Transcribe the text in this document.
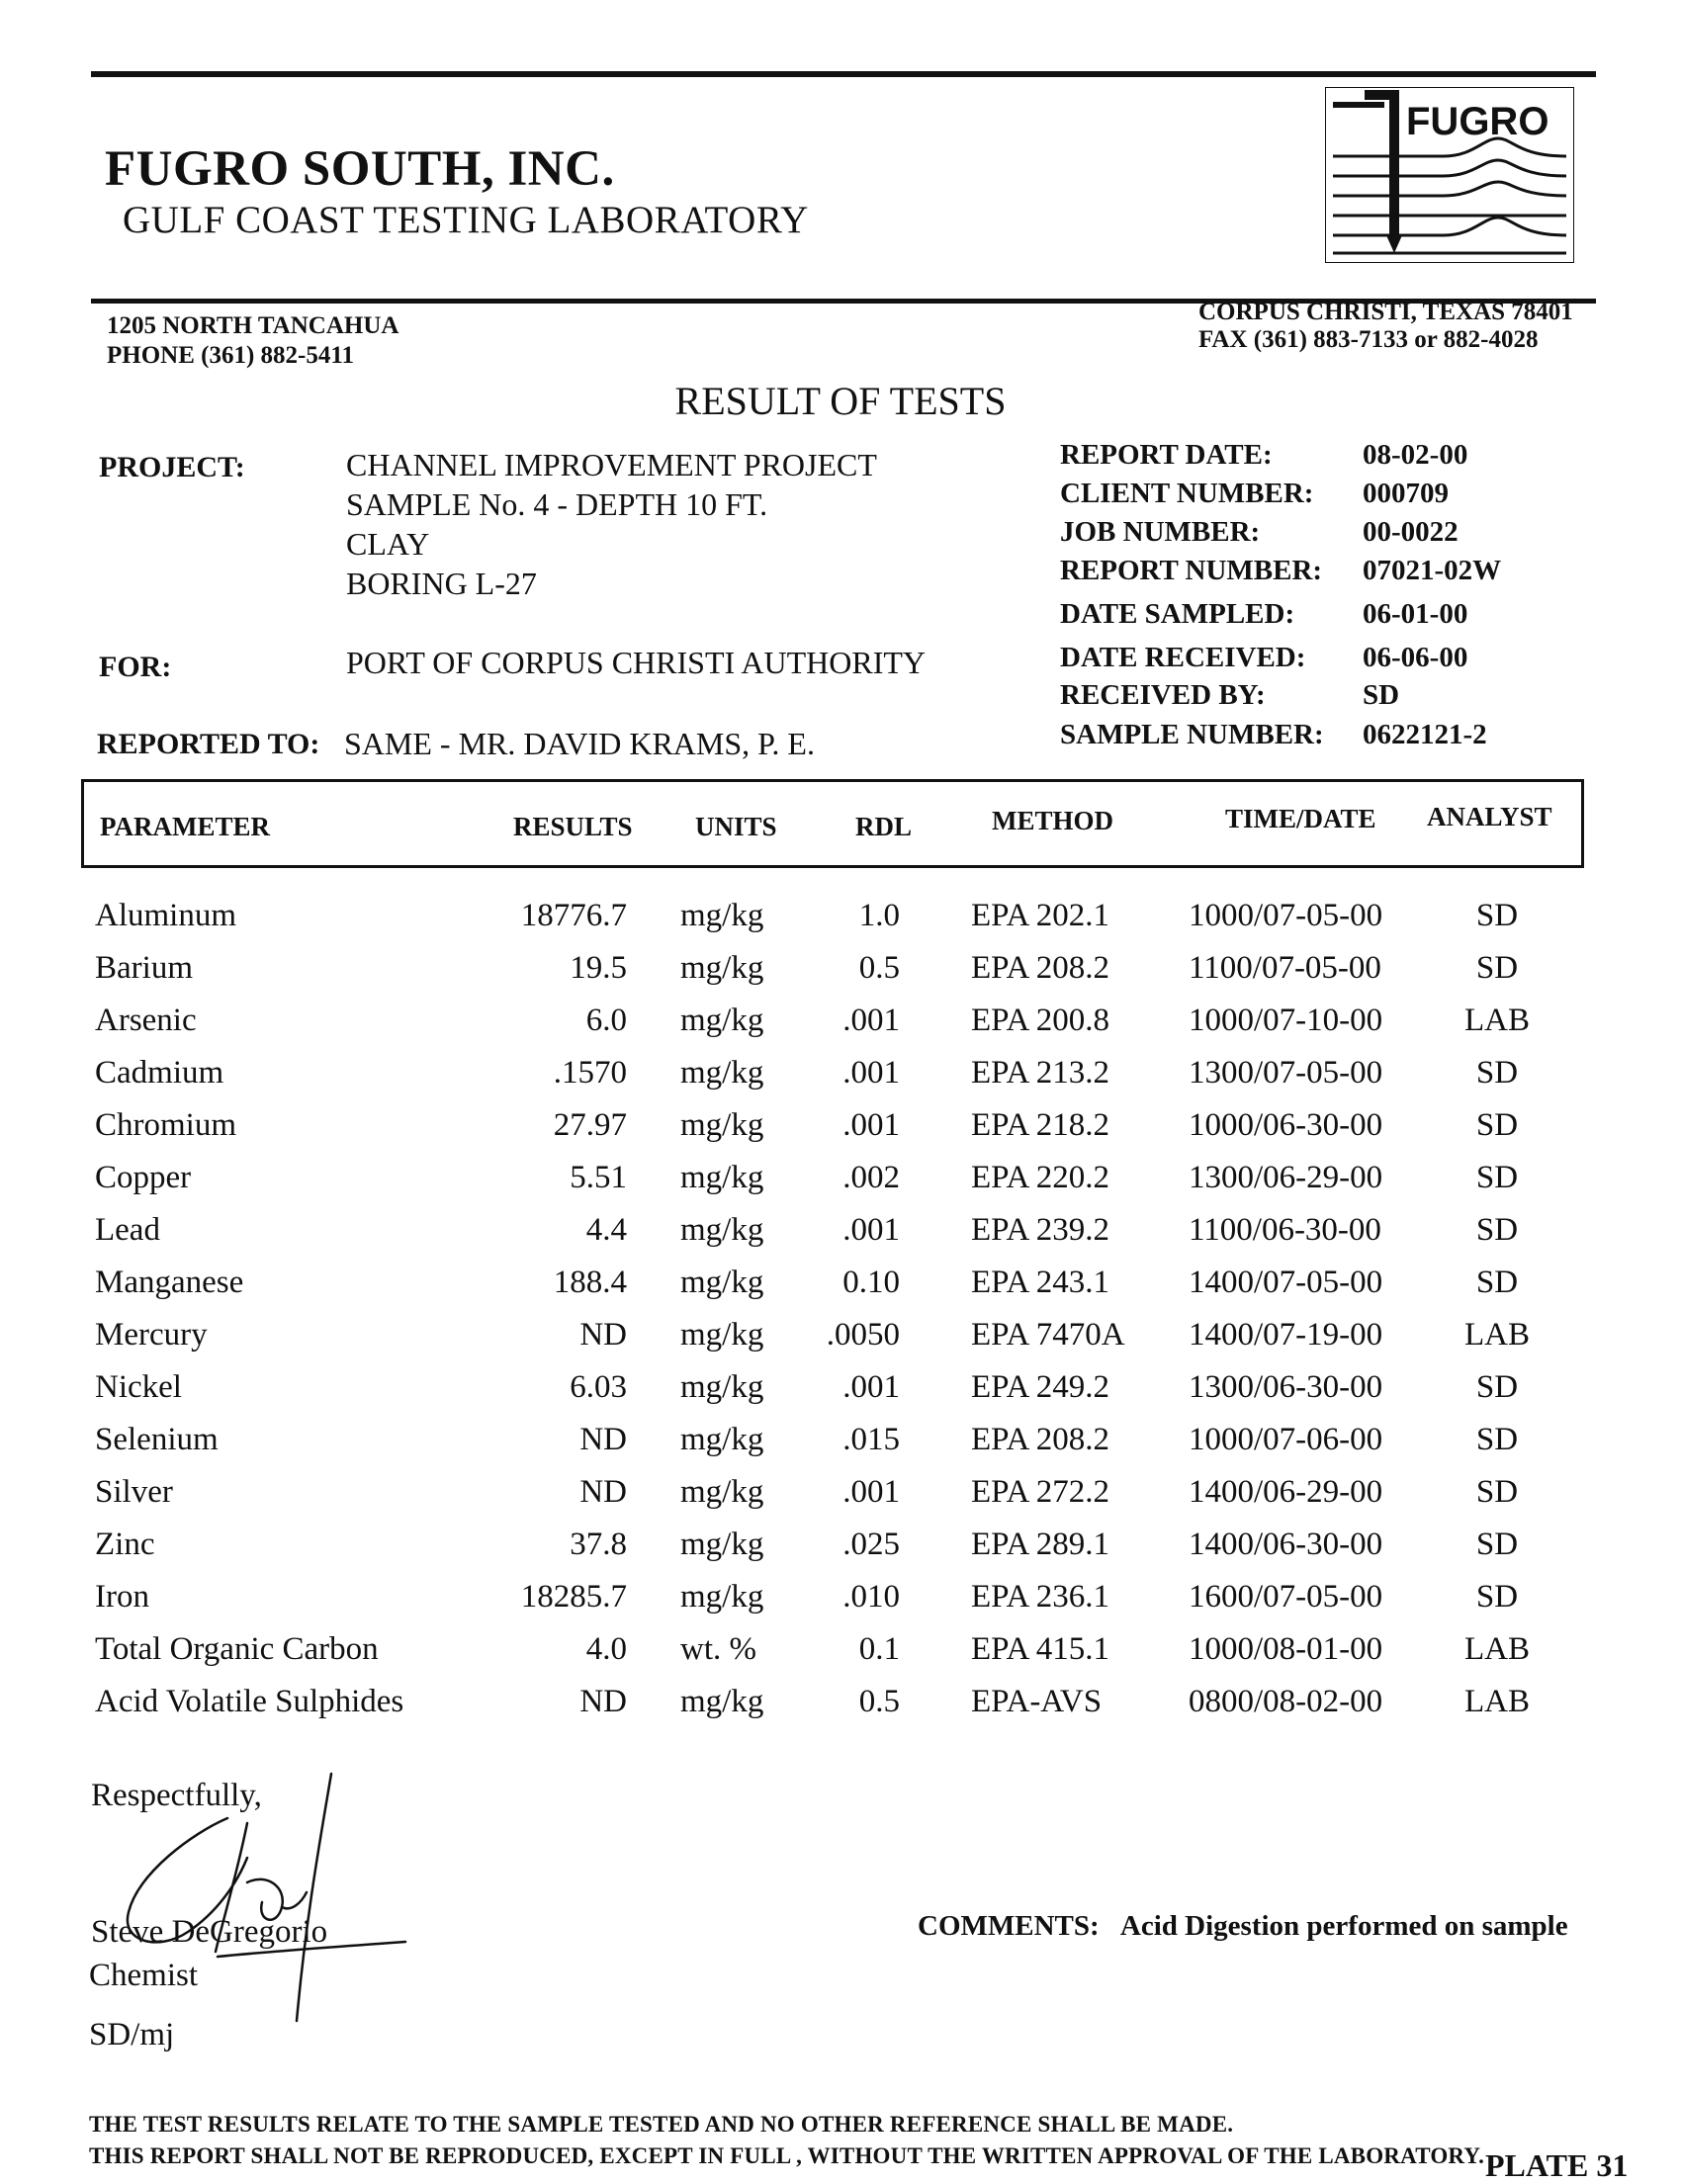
FUGRO SOUTH, INC.
GULF COAST TESTING LABORATORY
FUGRO
1205 NORTH TANCAHUA
PHONE (361) 882-5411
CORPUS CHRISTI, TEXAS 78401
FAX (361) 883-7133 or 882-4028
RESULT OF TESTS
PROJECT:	CHANNEL IMPROVEMENT PROJECT
SAMPLE No. 4 - DEPTH 10 FT.
CLAY
BORING L-27
FOR:	PORT OF CORPUS CHRISTI AUTHORITY
REPORTED TO: SAME - MR. DAVID KRAMS, P. E.
REPORT DATE:	08-02-00
CLIENT NUMBER: 000709
JOB NUMBER:	00-0022
REPORT NUMBER: 07021-02W
DATE SAMPLED: 06-01-00
DATE RECEIVED: 06-06-00
RECEIVED BY:	SD
SAMPLE NUMBER: 0622121-2
PARAMETER	RESULTS UNITS	RDL	METHOD	TIME/DATE ANALYST
Aluminum	18776.7 mg/kg	1.0 EPA 202.1 1000/07-05-00	SD
Barium	19.5 mg/kg	0.5 EPA 208.2 1100/07-05-00	SD
Arsenic	6.0 mg/kg .001 EPA 200.8 1000/07-10-00	LAB
Cadmium	.1570 mg/kg .001 EPA 213.2 1300/07-05-00	SD
Chromium	27.97 mg/kg .001 EPA 218.2 1000/06-30-00	SD
Copper	5.51 mg/kg .002 EPA 220.2 1300/06-29-00	SD
Lead	4.4 mg/kg .001 EPA 239.2 1100/06-30-00	SD
Manganese	188.4 mg/kg 0.10 EPA 243.1 1400/07-05-00	SD
Mercury	ND mg/kg .0050 EPA 7470A 1400/07-19-00	LAB
Nickel	6.03 mg/kg .001 EPA 249.2 1300/06-30-00	SD
Selenium	ND mg/kg .015 EPA 208.2 1000/07-06-00	SD
Silver	ND mg/kg .001 EPA 272.2 1400/06-29-00	SD
Zinc	37.8 mg/kg .025 EPA 289.1 1400/06-30-00	SD
Iron	18285.7 mg/kg .010 EPA 236.1 1600/07-05-00	SD
Total Organic Carbon	4.0 wt. %	0.1 EPA 415.1 1000/08-01-00	LAB
Acid Volatile Sulphides	ND mg/kg	0.5 EPA-AVS	0800/08-02-00	LAB
Respectfully,
Steve DeGregorio
Chemist
SD/mj
COMMENTS: Acid Digestion performed on sample
THE TEST RESULTS RELATE TO THE SAMPLE TESTED AND NO OTHER REFERENCE SHALL BE MADE.
THIS REPORT SHALL NOT BE REPRODUCED, EXCEPT IN FULL , WITHOUT THE WRITTEN APPROVAL OF THE LABORATORY. PLATE 31
